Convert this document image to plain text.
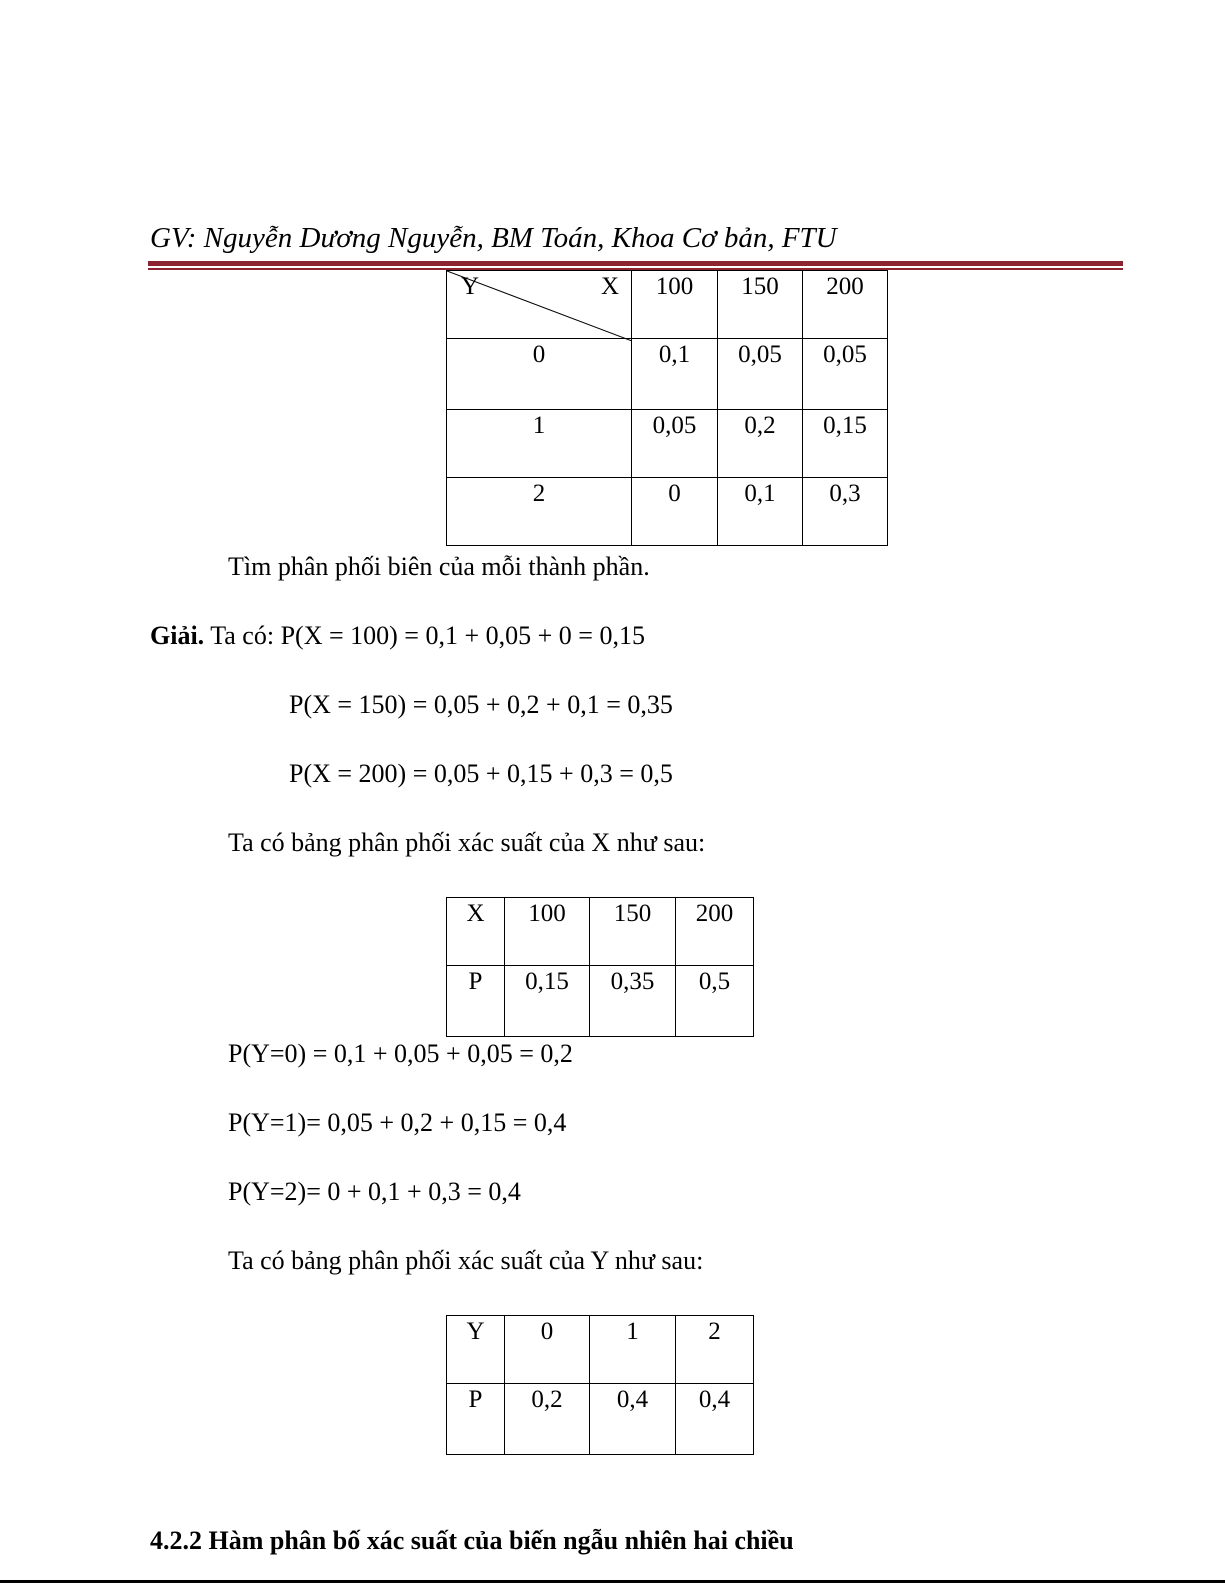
GV: Nguyễn Dương Nguyễn, BM Toán, Khoa Cơ bản, FTU
Y X	100	150	200
0	0,1	0,05	0,05
1	0,05	0,2	0,15
2	0	0,1	0,3
Tìm phân phối biên của mỗi thành phần.
Giải. Ta có: P(X = 100) = 0,1 + 0,05 + 0 = 0,15
P(X = 150) = 0,05 + 0,2 + 0,1 = 0,35
P(X = 200) = 0,05 + 0,15 + 0,3 = 0,5
Ta có bảng phân phối xác suất của X như sau:
X	100	150	200
P	0,15	0,35	0,5
P(Y=0) = 0,1 + 0,05 + 0,05 = 0,2
P(Y=1)= 0,05 + 0,2 + 0,15 = 0,4
P(Y=2)= 0 + 0,1 + 0,3 = 0,4
Ta có bảng phân phối xác suất của Y như sau:
Y	0	1	2
P	0,2	0,4	0,4
4.2.2 Hàm phân bố xác suất của biến ngẫu nhiên hai chiều
